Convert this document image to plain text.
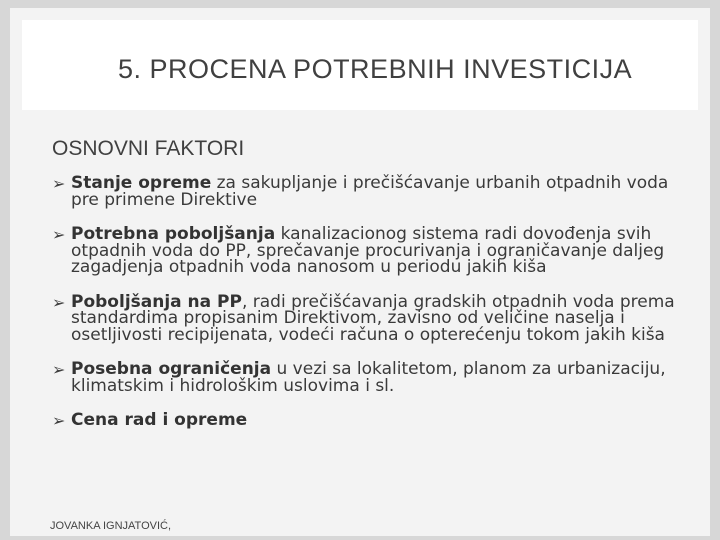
5. PROCENA POTREBNIH INVESTICIJA
OSNOVNI FAKTORI
➢ Stanje opreme za sakupljanje i prečišćavanje urbanih otpadnih voda pre primene Direktive
➢ Potrebna poboljšanja kanalizacionog sistema radi dovođenja svih otpadnih voda do PP, sprečavanje procurivanja i ograničavanje daljeg zagadjenja otpadnih voda nanosom u periodu jakih kiša
➢ Poboljšanja na PP, radi prečišćavanja gradskih otpadnih voda prema standardima propisanim Direktivom, zavisno od veličine naselja i osetljivosti recipijenata, vodeći računa o opterećenju tokom jakih kiša
➢ Posebna ograničenja u vezi sa lokalitetom, planom za urbanizaciju, klimatskim i hidrološkim uslovima i sl.
➢ Cena rad i opreme
JOVANKA IGNJATOVIĆ,
